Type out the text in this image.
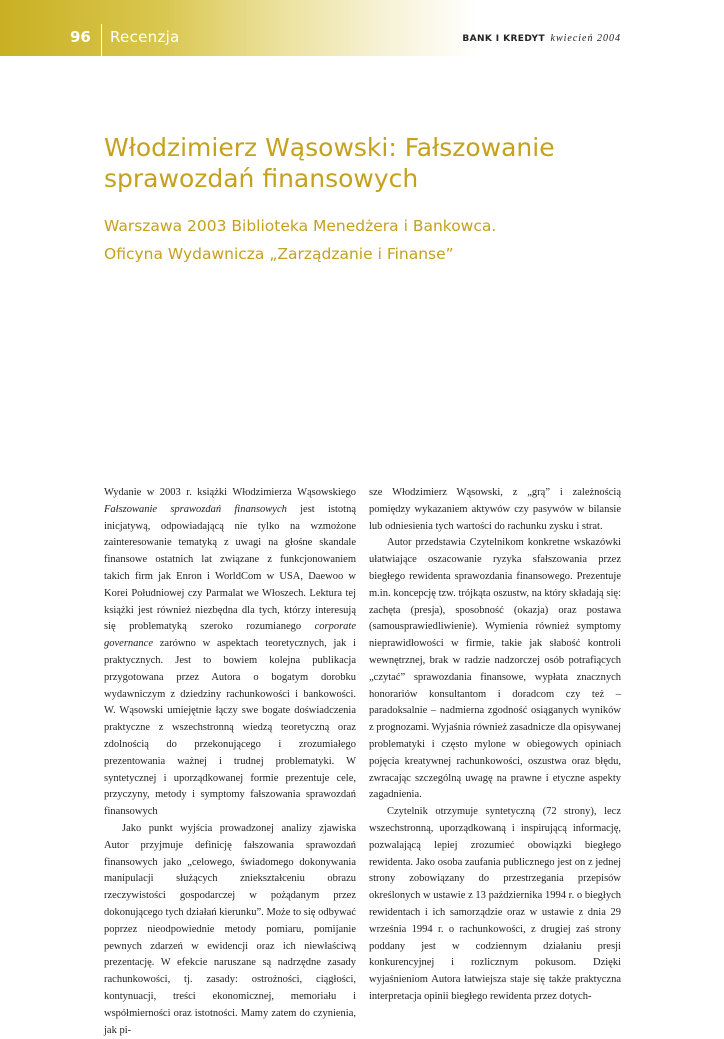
96 Recenzja	BANK I KREDYT kwiecień 2004
Włodzimierz Wąsowski: Fałszowanie sprawozdań finansowych
Warszawa 2003 Biblioteka Menedżera i Bankowca.
Oficyna Wydawnicza „Zarządzanie i Finanse”

Wydanie w 2003 r. książki Włodzimierza Wąsowskiego Fałszowanie sprawozdań finansowych jest istotną inicjatywą, odpowiadającą nie tylko na wzmożone zainteresowanie tematyką z uwagi na głośne skandale finansowe ostatnich lat związane z funkcjonowaniem takich firm jak Enron i WorldCom w USA, Daewoo w Korei Południowej czy Parmalat we Włoszech. Lektura tej książki jest również niezbędna dla tych, którzy interesują się problematyką szeroko rozumianego corporate governance zarówno w aspektach teoretycznych, jak i praktycznych. Jest to bowiem kolejna publikacja przygotowana przez Autora o bogatym dorobku wydawniczym z dziedziny rachunkowości i bankowości. W. Wąsowski umiejętnie łączy swe bogate doświadczenia praktyczne z wszechstronną wiedzą teoretyczną oraz zdolnością do przekonującego i zrozumiałego prezentowania ważnej i trudnej problematyki. W syntetycznej i uporządkowanej formie prezentuje cele, przyczyny, metody i symptomy fałszowania sprawozdań finansowych

Jako punkt wyjścia prowadzonej analizy zjawiska Autor przyjmuje definicję fałszowania sprawozdań finansowych jako „celowego, świadomego dokonywania manipulacji służących zniekształceniu obrazu rzeczywistości gospodarczej w pożądanym przez dokonującego tych działań kierunku”. Może to się odbywać poprzez nieodpowiednie metody pomiaru, pomijanie pewnych zdarzeń w ewidencji oraz ich niewłaściwą prezentację. W efekcie naruszane są nadrzędne zasady rachunkowości, tj. zasady: ostrożności, ciągłości, kontynuacji, treści ekonomicznej, memoriału i współmierności oraz istotności. Mamy zatem do czynienia, jak pi-

sze Włodzimierz Wąsowski, z „grą” i zależnością pomiędzy wykazaniem aktywów czy pasywów w bilansie lub odniesienia tych wartości do rachunku zysku i strat.

Autor przedstawia Czytelnikom konkretne wskazówki ułatwiające oszacowanie ryzyka sfałszowania przez biegłego rewidenta sprawozdania finansowego. Prezentuje m.in. koncepcję tzw. trójkąta oszustw, na który składają się: zachęta (presja), sposobność (okazja) oraz postawa (samousprawiedliwienie). Wymienia również symptomy nieprawidłowości w firmie, takie jak słabość kontroli wewnętrznej, brak w radzie nadzorczej osób potrafiących „czytać” sprawozdania finansowe, wypłata znacznych honorariów konsultantom i doradcom czy też – paradoksalnie – nadmierna zgodność osiąganych wyników z prognozami. Wyjaśnia również zasadnicze dla opisywanej problematyki i często mylone w obiegowych opiniach pojęcia kreatywnej rachunkowości, oszustwa oraz błędu, zwracając szczególną uwagę na prawne i etyczne aspekty zagadnienia.

Czytelnik otrzymuje syntetyczną (72 strony), lecz wszechstronną, uporządkowaną i inspirującą informację, pozwalającą lepiej zrozumieć obowiązki biegłego rewidenta. Jako osoba zaufania publicznego jest on z jednej strony zobowiązany do przestrzegania przepisów określonych w ustawie z 13 października 1994 r. o biegłych rewidentach i ich samorządzie oraz w ustawie z dnia 29 września 1994 r. o rachunkowości, z drugiej zaś strony poddany jest w codziennym działaniu presji konkurencyjnej i rozlicznym pokusom. Dzięki wyjaśnieniom Autora łatwiejsza staje się także praktyczna interpretacja opinii biegłego rewidenta przez dotych-
